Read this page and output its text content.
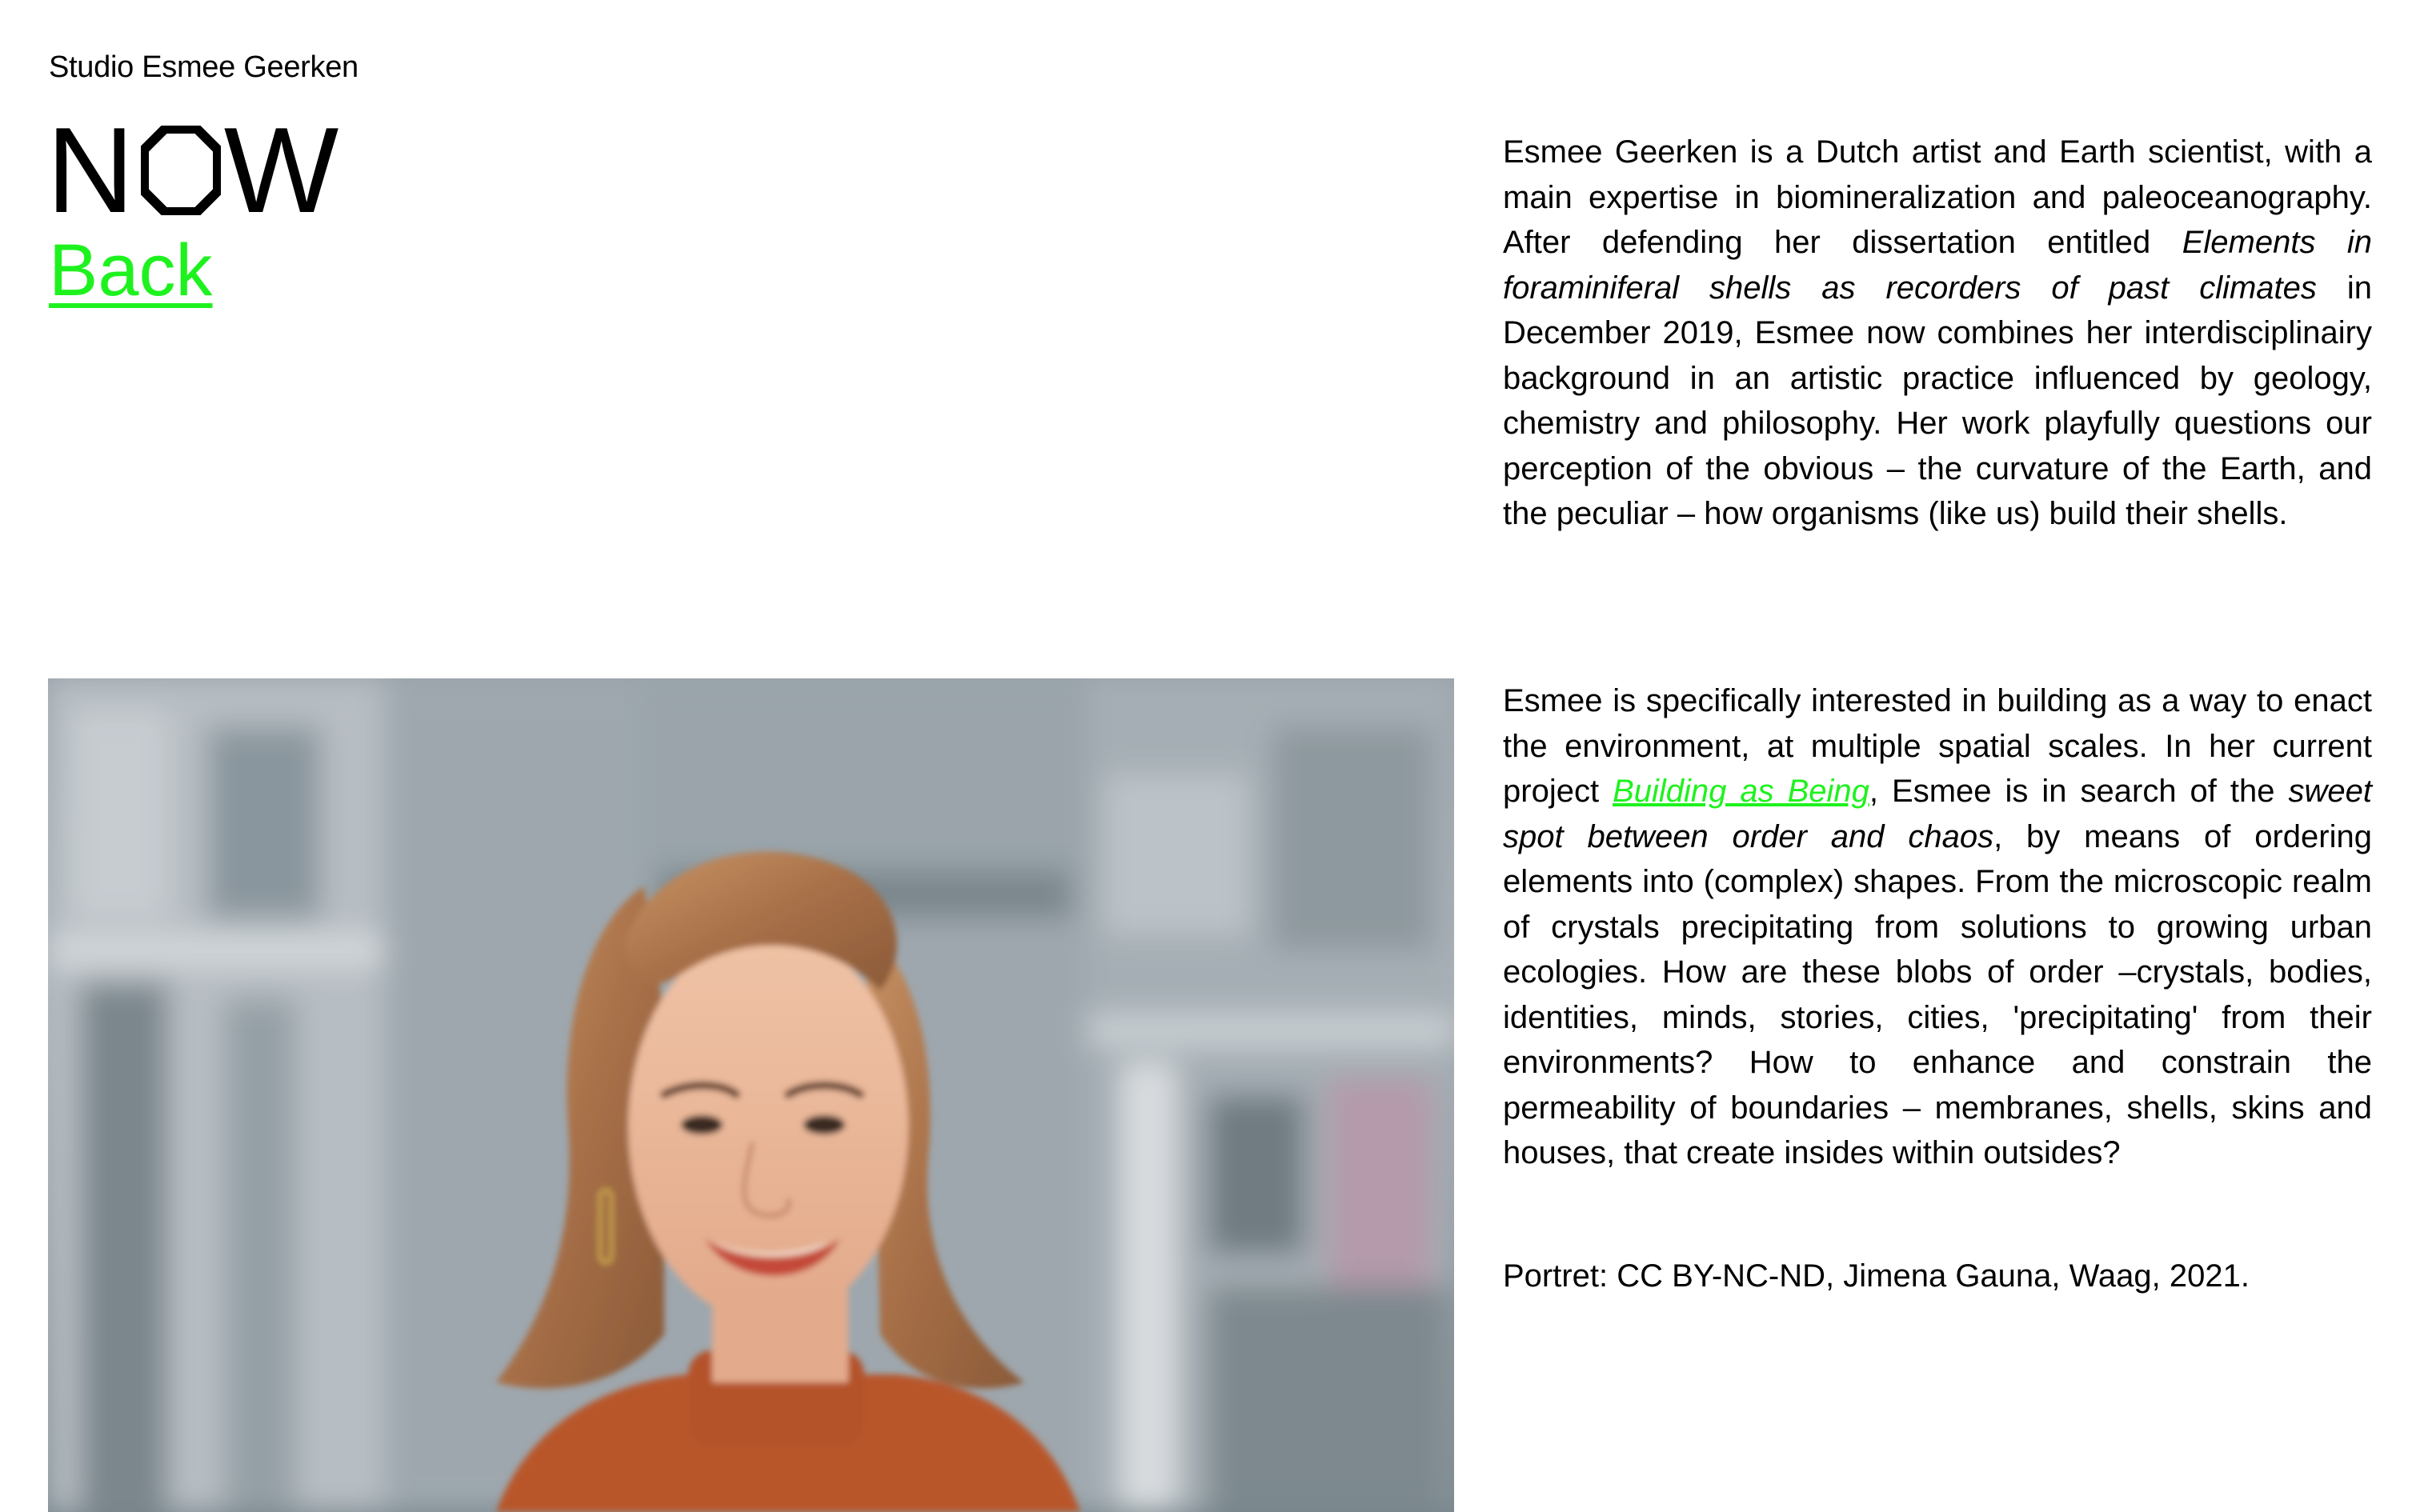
Studio Esmee Geerken
N W
Back

Esmee Geerken is a Dutch artist and Earth scientist, with a main expertise in biomineralization and paleoceanography. After defending her dissertation entitled Elements in foraminiferal shells as recorders of past climates in December 2019, Esmee now combines her interdisciplinairy background in an artistic practice influenced by geology, chemistry and philosophy. Her work playfully questions our perception of the obvious – the curvature of the Earth, and the peculiar – how organisms (like us) build their shells.

Esmee is specifically interested in building as a way to enact the environment, at multiple spatial scales. In her current project Building as Being, Esmee is in search of the sweet spot between order and chaos, by means of ordering elements into (complex) shapes. From the microscopic realm of crystals precipitating from solutions to growing urban ecologies. How are these blobs of order –crystals, bodies, identities, minds, stories, cities, 'precipitating' from their environments? How to enhance and constrain the permeability of boundaries – membranes, shells, skins and houses, that create insides within outsides?

Portret: CC BY-NC-ND, Jimena Gauna, Waag, 2021.
